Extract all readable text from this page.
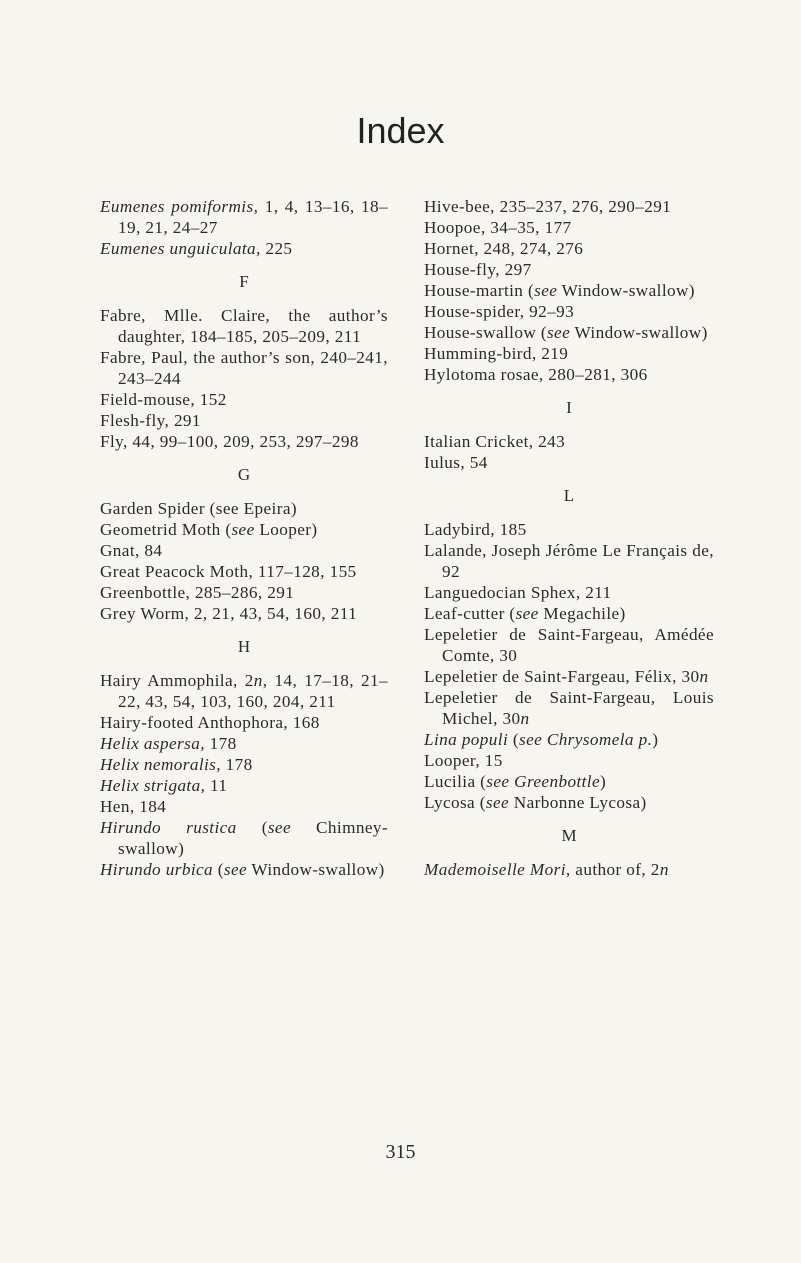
Index
Eumenes pomiformis, 1, 4, 13–16, 18–19, 21, 24–27
Eumenes unguiculata, 225
F
Fabre, Mlle. Claire, the author’s daughter, 184–185, 205–209, 211
Fabre, Paul, the author’s son, 240–241, 243–244
Field-mouse, 152
Flesh-fly, 291
Fly, 44, 99–100, 209, 253, 297–298
G
Garden Spider (see Epeira)
Geometrid Moth (see Looper)
Gnat, 84
Great Peacock Moth, 117–128, 155
Greenbottle, 285–286, 291
Grey Worm, 2, 21, 43, 54, 160, 211
H
Hairy Ammophila, 2n, 14, 17–18, 21–22, 43, 54, 103, 160, 204, 211
Hairy-footed Anthophora, 168
Helix aspersa, 178
Helix nemoralis, 178
Helix strigata, 11
Hen, 184
Hirundo rustica (see Chimney-swallow)
Hirundo urbica (see Window-swallow)
Hive-bee, 235–237, 276, 290–291
Hoopoe, 34–35, 177
Hornet, 248, 274, 276
House-fly, 297
House-martin (see Window-swallow)
House-spider, 92–93
House-swallow (see Window-swallow)
Humming-bird, 219
Hylotoma rosae, 280–281, 306
I
Italian Cricket, 243
Iulus, 54
L
Ladybird, 185
Lalande, Joseph Jérôme Le Français de, 92
Languedocian Sphex, 211
Leaf-cutter (see Megachile)
Lepeletier de Saint-Fargeau, Amédée Comte, 30
Lepeletier de Saint-Fargeau, Félix, 30n
Lepeletier de Saint-Fargeau, Louis Michel, 30n
Lina populi (see Chrysomela p.)
Looper, 15
Lucilia (see Greenbottle)
Lycosa (see Narbonne Lycosa)
M
Mademoiselle Mori, author of, 2n
315
